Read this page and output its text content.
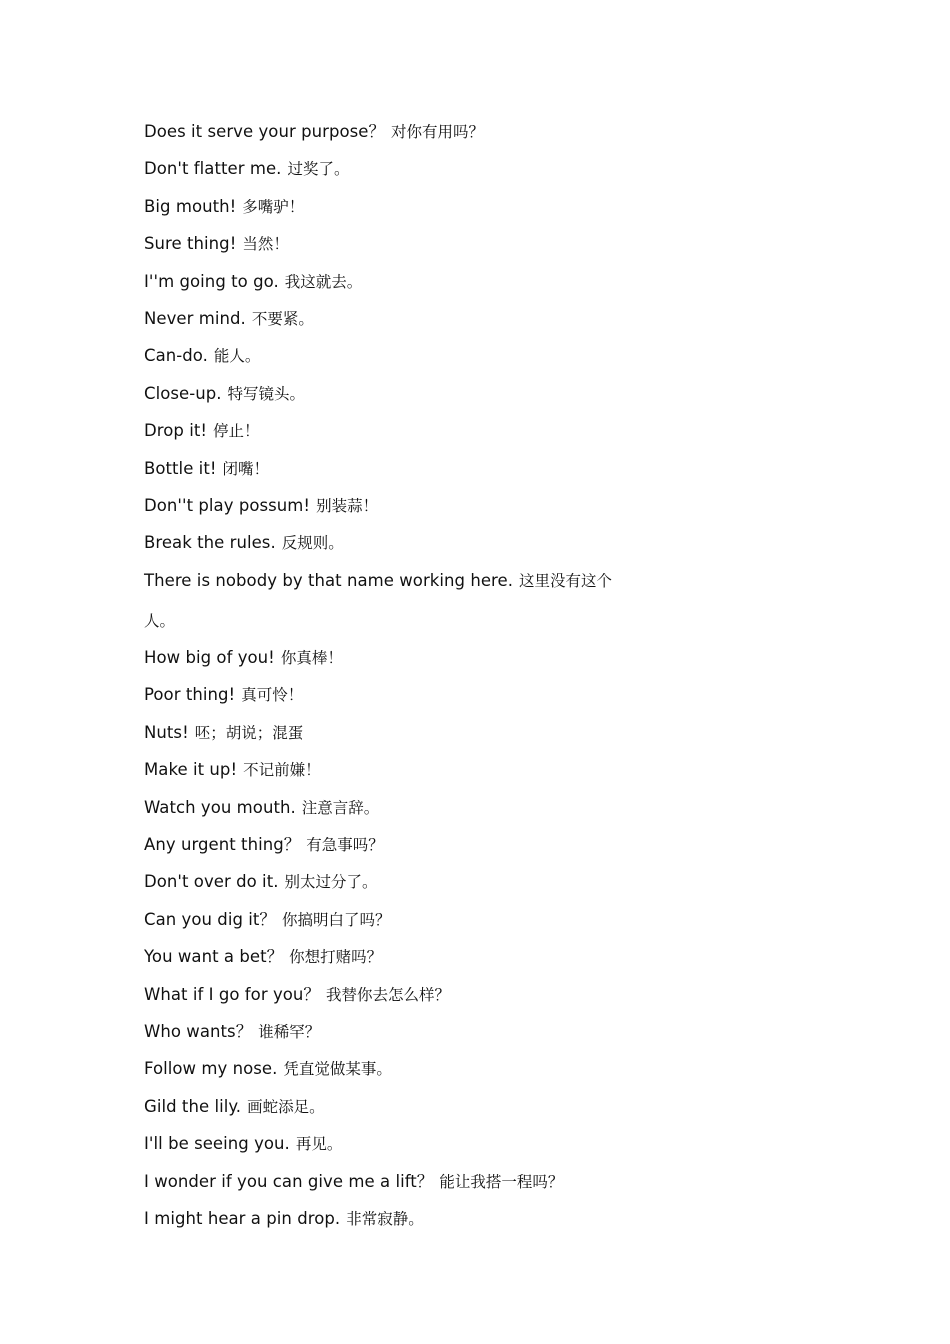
Does it serve your purpose？ 对你有用吗？
Don't flatter me. 过奖了。
Big mouth! 多嘴驴！
Sure thing! 当然！
I''m going to go. 我这就去。
Never mind. 不要紧。
Can-do. 能人。
Close-up. 特写镜头。
Drop it! 停止！
Bottle it! 闭嘴！
Don''t play possum! 别装蒜！
Break the rules. 反规则。
There is nobody by that name working here. 这里没有这个
人。
How big of you! 你真棒！
Poor thing! 真可怜！
Nuts! 呸；胡说；混蛋
Make it up! 不记前嫌！
Watch you mouth. 注意言辞。
Any urgent thing？ 有急事吗？
Don't over do it. 别太过分了。
Can you dig it？ 你搞明白了吗？
You want a bet？ 你想打赌吗？
What if I go for you？ 我替你去怎么样？
Who wants？ 谁稀罕？
Follow my nose. 凭直觉做某事。
Gild the lily. 画蛇添足。
I'll be seeing you. 再见。
I wonder if you can give me a lift？ 能让我搭一程吗？
I might hear a pin drop. 非常寂静。
